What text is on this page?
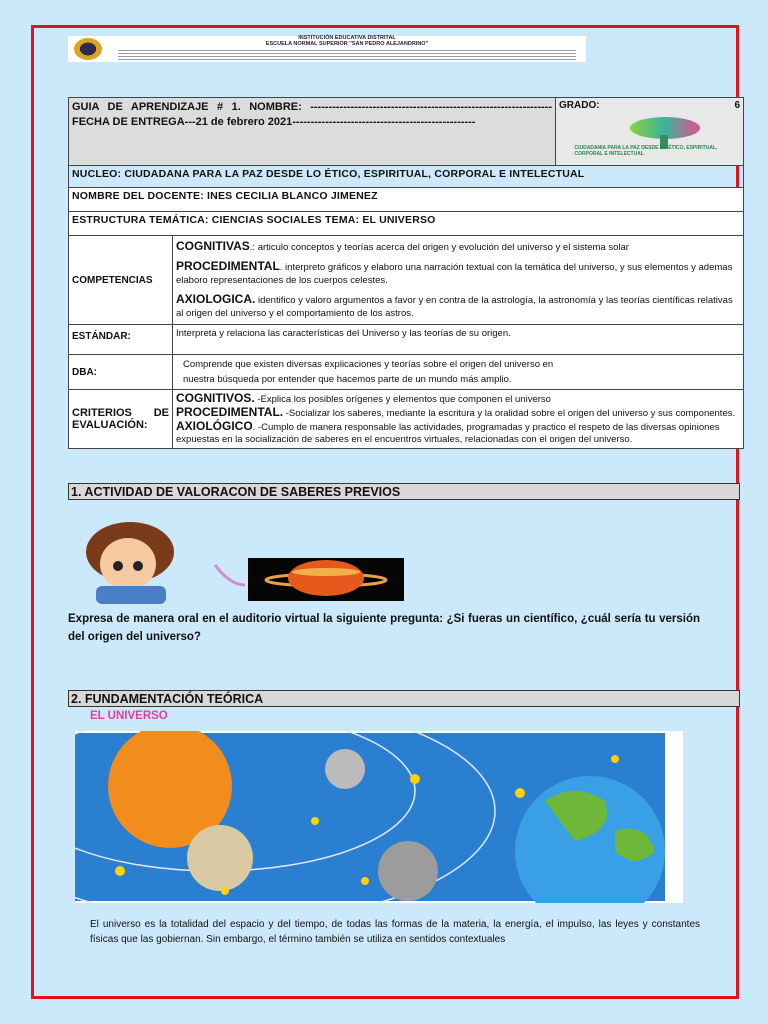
INSTITUCIÓN EDUCATIVA DISTRITAL
ESCUELA NORMAL SUPERIOR "SAN PEDRO ALEJANDRINO"
GUIA DE APRENDIZAJE # 1. NOMBRE: ------------------------------------------------------------------FECHA DE ENTREGA---21 de febrero 2021--------------------------------------------------		GRADO: 6
CIUDADANIA PARA LA PAZ DESDE LO ÉTICO, ESPIRITUAL, CORPORAL E INTELECTUAL

NUCLEO: CIUDADANA PARA LA PAZ DESDE LO ÉTICO, ESPIRITUAL, CORPORAL E INTELECTUAL		
NOMBRE DEL DOCENTE: INES CECILIA BLANCO JIMENEZ		
ESTRUCTURA TEMÁTICA: CIENCIAS SOCIALES TEMA: EL UNIVERSO		
COMPETENCIAS	COGNITIVAS.: articulo conceptos y teorías acerca del origen y evolución del universo y el sistema solar

PROCEDIMENTAL. interpreto gráficos y elaboro una narración textual con la temática del universo, y sus elementos y ademas elaboro representaciones de los cuerpos celestes.

AXIOLOGICA. identifico y valoro argumentos a favor y en contra de la astrología, la astronomía y las teorías científicas relativas al origen del universo y el comportamiento de los astros.	

ESTÁNDAR:	Interpreta y relaciona las características del Universo y las teorías de su origen.	
DBA:	Comprende que existen diversas explicaciones y teorías sobre el origen del universo en
nuestra búsqueda por entender que hacemos parte de un mundo más amplio.	

CRITERIOS DE EVALUACIÓN:	COGNITIVOS. -Explica los posibles orígenes y elementos que componen el universo

PROCEDIMENTAL. -Socializar los saberes, mediante la escritura y la oralidad sobre el origen del universo y sus componentes.

AXIOLÓGICO. -Cumplo de manera responsable las actividades, programadas y practico el respeto de las diversas opiniones expuestas en la socialización de saberes en el encuentros virtuales, relacionadas con el origen del universo.	

1. ACTIVIDAD DE VALORACON DE SABERES PREVIOS
Expresa de manera oral en el auditorio virtual la siguiente pregunta: ¿Si fueras un científico, ¿cuál sería tu versión del origen del universo?
2. FUNDAMENTACIÓN TEÓRICA
EL UNIVERSO
El universo es la totalidad del espacio y del tiempo, de todas las formas de la materia, la energía, el impulso, las leyes y constantes físicas que las gobiernan. Sin embargo, el término también se utiliza en sentidos contextuales
